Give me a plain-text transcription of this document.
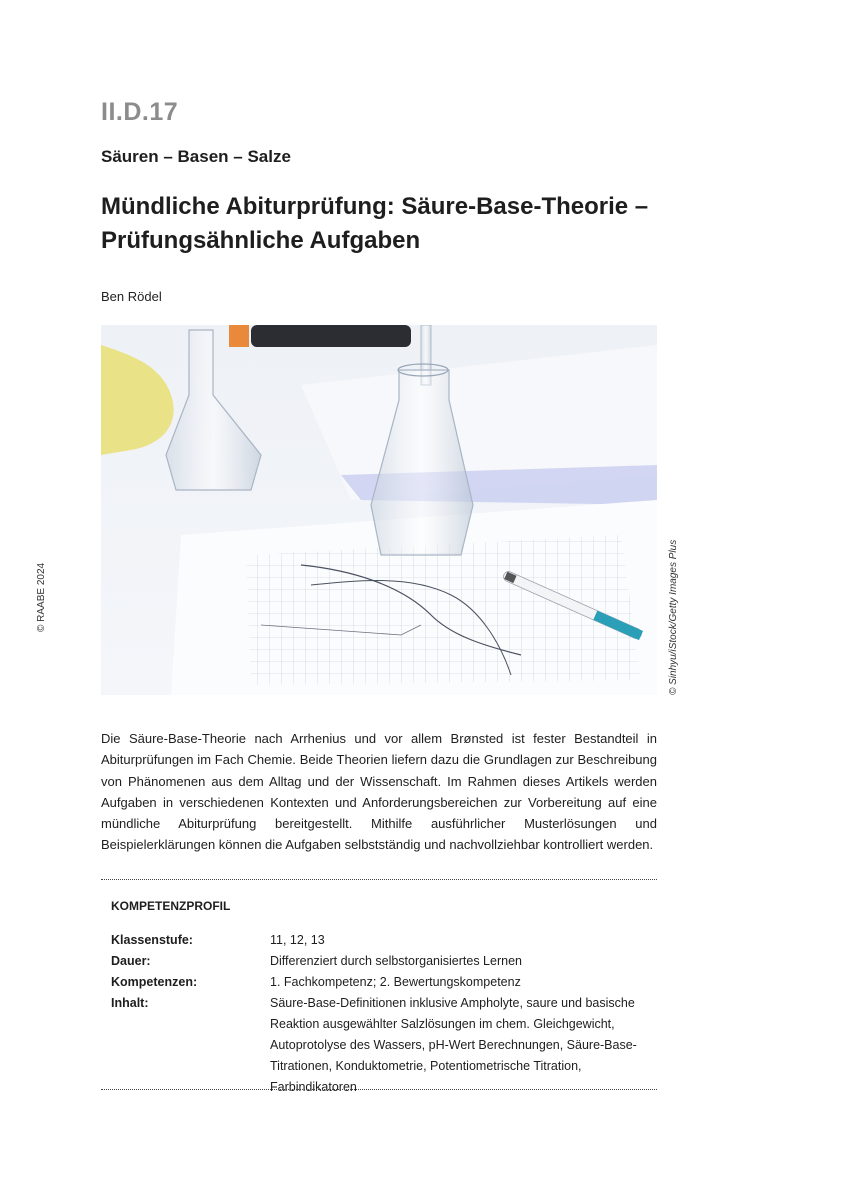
II.D.17
Säuren – Basen – Salze
Mündliche Abiturprüfung: Säure-Base-Theorie –
Prüfungsähnliche Aufgaben
Ben Rödel
© Sinhyu/iStock/Getty Images Plus
© RAABE 2024

Die Säure-Base-Theorie nach Arrhenius und vor allem Brønsted ist fester Bestandteil in Abiturprüfungen im Fach Chemie. Beide Theorien liefern dazu die Grundlagen zur Beschreibung von Phänomenen aus dem Alltag und der Wissenschaft. Im Rahmen dieses Artikels werden Aufgaben in verschiedenen Kontexten und Anforderungsbereichen zur Vorbereitung auf eine mündliche Abiturprüfung bereitgestellt. Mithilfe ausführlicher Musterlösungen und Beispielerklärungen können die Aufgaben selbstständig und nachvollziehbar kontrolliert werden.

KOMPETENZPROFIL
Klassenstufe:	11, 12, 13
Dauer:	Differenziert durch selbstorganisiertes Lernen
Kompetenzen:	1. Fachkompetenz; 2. Bewertungskompetenz
Inhalt:	Säure-Base-Definitionen inklusive Ampholyte, saure und basische Reaktion ausgewählter Salzlösungen im chem. Gleichgewicht, Autoprotolyse des Wassers, pH-Wert Berechnungen, Säure-Base-Titrationen, Konduktometrie, Potentiometrische Titration, Farbindikatoren
